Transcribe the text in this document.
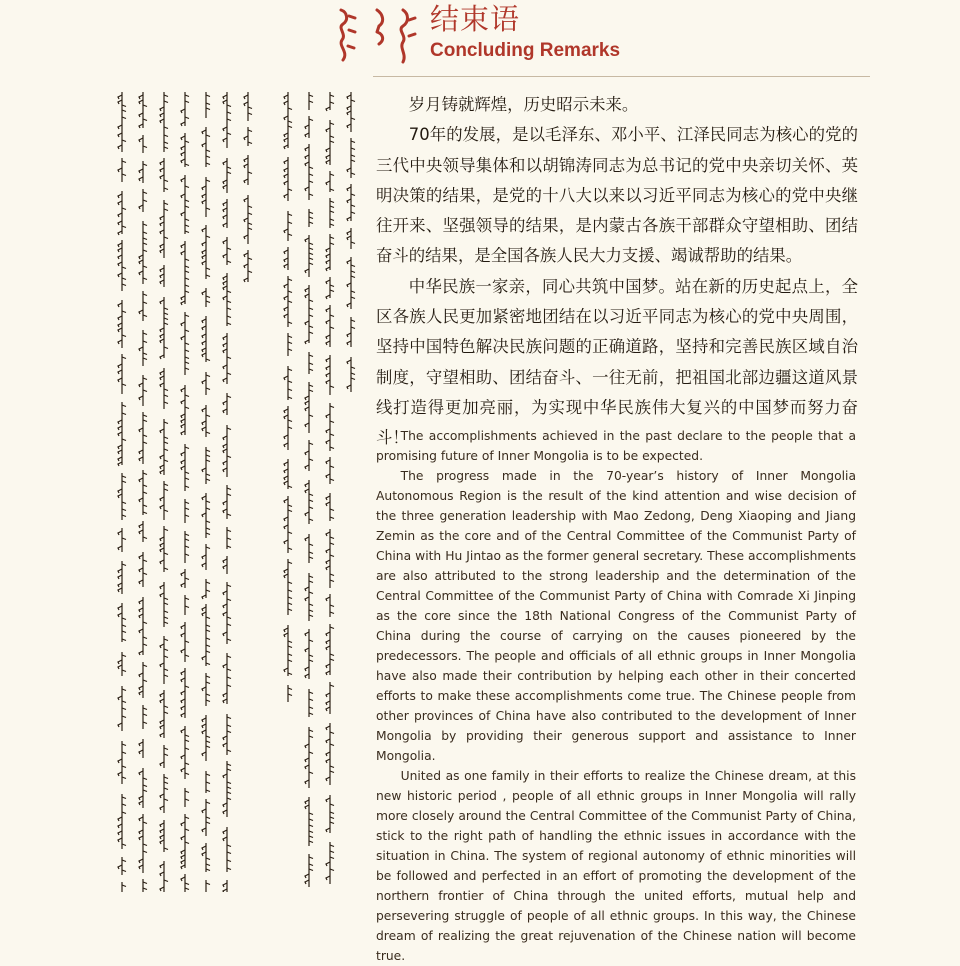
结束语
Concluding Remarks

岁月铸就辉煌，历史昭示未来。

70年的发展，是以毛泽东、邓小平、江泽民同志为核心的党的三代中央领导集体和以胡锦涛同志为总书记的党中央亲切关怀、英明决策的结果，是党的十八大以来以习近平同志为核心的党中央继往开来、坚强领导的结果，是内蒙古各族干部群众守望相助、团结奋斗的结果，是全国各族人民大力支援、竭诚帮助的结果。

中华民族一家亲，同心共筑中国梦。站在新的历史起点上，全区各族人民更加紧密地团结在以习近平同志为核心的党中央周围，坚持中国特色解决民族问题的正确道路，坚持和完善民族区域自治制度，守望相助、团结奋斗、一往无前，把祖国北部边疆这道风景线打造得更加亮丽，为实现中华民族伟大复兴的中国梦而努力奋斗！

The accomplishments achieved in the past declare to the people that a promising future of Inner Mongolia is to be expected.

The progress made in the 70-year’s history of Inner Mongolia Autonomous Region is the result of the kind attention and wise decision of the three generation leadership with Mao Zedong, Deng Xiaoping and Jiang Zemin as the core and of the Central Committee of the Communist Party of China with Hu Jintao as the former general secretary. These accomplishments are also attributed to the strong leadership and the determination of the Central Committee of the Communist Party of China with Comrade Xi Jinping as the core since the 18th National Congress of the Communist Party of China during the course of carrying on the causes pioneered by the predecessors. The people and officials of all ethnic groups in Inner Mongolia have also made their contribution by helping each other in their concerted efforts to make these accomplishments come true. The Chinese people from other provinces of China have also contributed to the development of Inner Mongolia by providing their generous support and assistance to Inner Mongolia.

United as one family in their efforts to realize the Chinese dream, at this new historic period , people of all ethnic groups in Inner Mongolia will rally more closely around the Central Committee of the Communist Party of China, stick to the right path of handling the ethnic issues in accordance with the situation in China. The system of regional autonomy of ethnic minorities will be followed and perfected in an effort of promoting the development of the northern frontier of China through the united efforts, mutual help and persevering struggle of people of all ethnic groups. In this way, the Chinese dream of realizing the great rejuvenation of the Chinese nation will become true.
